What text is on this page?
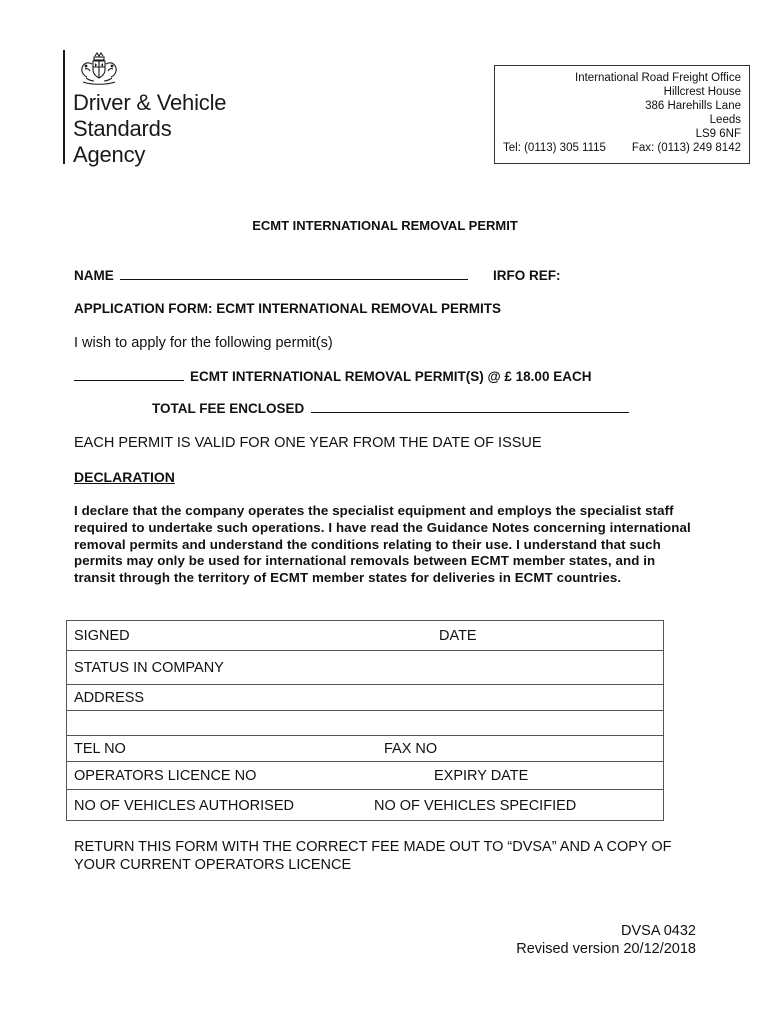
Driver & Vehicle
Standards
Agency
International Road Freight Office
Hillcrest House
386 Harehills Lane
Leeds
LS9 6NF
Tel: (0113) 305 1115 Fax: (0113) 249 8142
ECMT INTERNATIONAL REMOVAL PERMIT
NAME	IRFO REF:
APPLICATION FORM: ECMT INTERNATIONAL REMOVAL PERMITS
I wish to apply for the following permit(s)
ECMT INTERNATIONAL REMOVAL PERMIT(S) @ £ 18.00 EACH
TOTAL FEE ENCLOSED
EACH PERMIT IS VALID FOR ONE YEAR FROM THE DATE OF ISSUE
DECLARATION
I declare that the company operates the specialist equipment and employs the specialist staff required to undertake such operations. I have read the Guidance Notes concerning international removal permits and understand the conditions relating to their use. I understand that such permits may only be used for international removals between ECMT member states, and in transit through the territory of ECMT member states for deliveries in ECMT countries.
SIGNED	DATE
STATUS IN COMPANY
ADDRESS
TEL NO	FAX NO
OPERATORS LICENCE NO	EXPIRY DATE
NO OF VEHICLES AUTHORISED	NO OF VEHICLES SPECIFIED
RETURN THIS FORM WITH THE CORRECT FEE MADE OUT TO “DVSA” AND A COPY OF YOUR CURRENT OPERATORS LICENCE
DVSA 0432
Revised version 20/12/2018
